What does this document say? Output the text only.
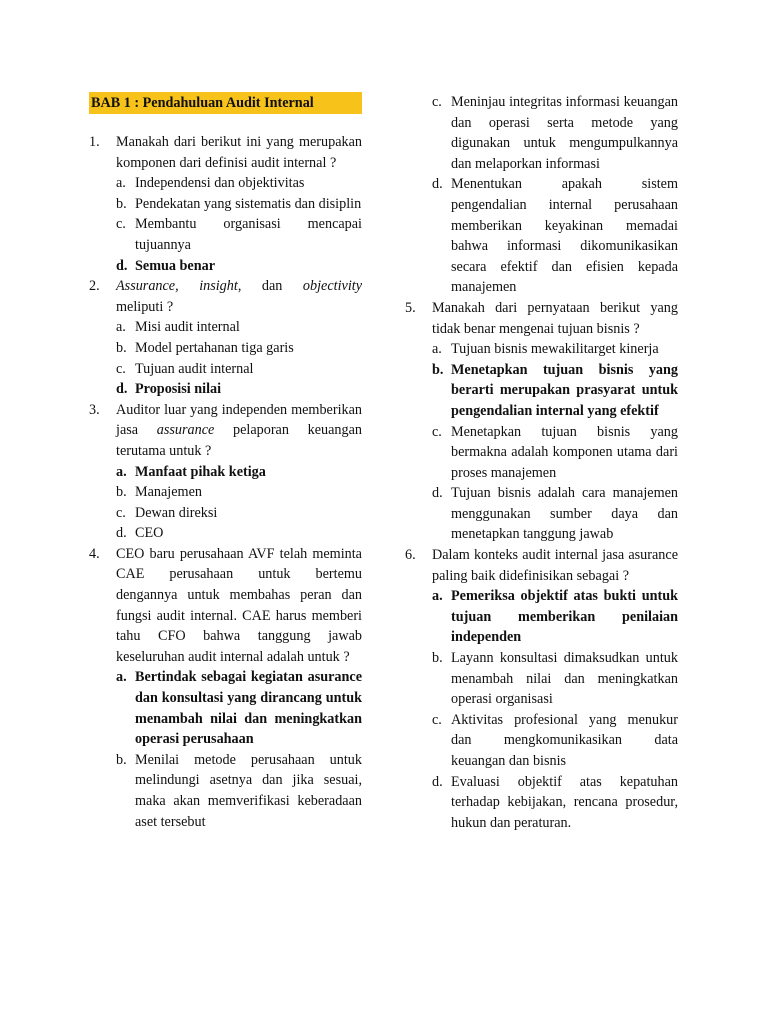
BAB 1 : Pendahuluan Audit Internal
1.	Manakah dari berikut ini yang merupakan komponen dari definisi audit internal ?
a. Independensi dan objektivitas
b. Pendekatan yang sistematis dan disiplin
c. Membantu organisasi mencapai tujuannya
d. Semua benar
2.	Assurance, insight, dan objectivity
meliputi ?
a. Misi audit internal
b. Model pertahanan tiga garis
c. Tujuan audit internal
d. Proposisi nilai
3.	Auditor luar yang independen memberikan jasa assurance pelaporan keuangan terutama untuk ?
a. Manfaat pihak ketiga
b. Manajemen
c. Dewan direksi
d. CEO
4.	CEO baru perusahaan AVF telah meminta CAE perusahaan untuk bertemu dengannya untuk membahas peran dan fungsi audit internal. CAE harus memberi tahu CFO bahwa tanggung jawab keseluruhan audit internal adalah untuk ?
a. Bertindak sebagai kegiatan asurance dan konsultasi yang dirancang untuk menambah nilai dan meningkatkan operasi perusahaan
b. Menilai metode perusahaan untuk melindungi asetnya dan jika sesuai, maka akan memverifikasi keberadaan aset tersebut
c. Meninjau integritas informasi keuangan dan operasi serta metode yang digunakan untuk mengumpulkannya dan melaporkan informasi
d. Menentukan apakah sistem pengendalian internal perusahaan memberikan keyakinan memadai bahwa informasi dikomunikasikan secara efektif dan efisien kepada manajemen
5.	Manakah dari pernyataan berikut yang tidak benar mengenai tujuan bisnis ?
a. Tujuan bisnis mewakilitarget kinerja
b. Menetapkan tujuan bisnis yang berarti merupakan prasyarat untuk pengendalian internal yang efektif
c. Menetapkan tujuan bisnis yang bermakna adalah komponen utama dari proses manajemen
d. Tujuan bisnis adalah cara manajemen menggunakan sumber daya dan menetapkan tanggung jawab
6.	Dalam konteks audit internal jasa asurance paling baik didefinisikan sebagai ?
a. Pemeriksa objektif atas bukti untuk tujuan memberikan penilaian independen
b. Layann konsultasi dimaksudkan untuk menambah nilai dan meningkatkan operasi organisasi
c. Aktivitas profesional yang menukur dan mengkomunikasikan data keuangan dan bisnis
d. Evaluasi objektif atas kepatuhan terhadap kebijakan, rencana prosedur, hukun dan peraturan.
